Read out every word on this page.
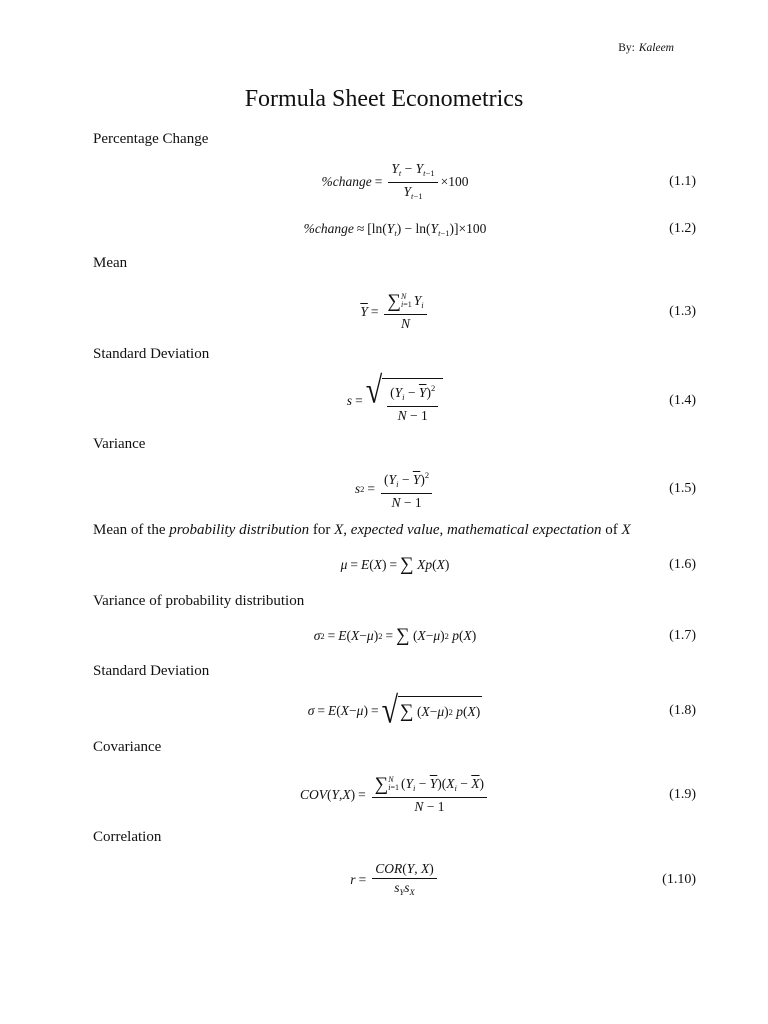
By: Kaleem
Formula Sheet Econometrics
Percentage Change
%change = $\frac{Y_t - Y_{t-1}}{Y_{t-1}} \times 100$	(1.1)
%change ≈ $[\ln(Y_t) - \ln(Y_{t-1})]\times 100$	(1.2)
Mean
$\overline{Y}$ = ∑ N
i=1 $Y_i$
N	(1.3)
Standard Deviation
s = √ $\frac{(Y_i - \overline{Y})^2}{N - 1}$	(1.4)
Variance
s $2 = \frac{(Y_i - \overline{Y})^2}{N - 1}$	(1.5)
Mean of the probability distribution for X, expected value, mathematical expectation of X
μ = E ( X ) = ∑
Xp ( X )	(1.6)
Variance of probability distribution
σ 2 = E ( X − μ ) 2 = ∑ ( X − μ ) 2
p ( X )	(1.7)
Standard Deviation
σ = E ( X − μ ) = √ ∑ ( X − μ ) 2
p ( X )	(1.8)
Covariance
COV ( Y , X ) = ∑ N
i=1 $(Y_i - \overline{Y})(X_i - \overline{X})$
N − 1	(1.9)
Correlation
$r = \frac{\text{COR(Y, X)}}{s_Ys_X}$	(1.10)
